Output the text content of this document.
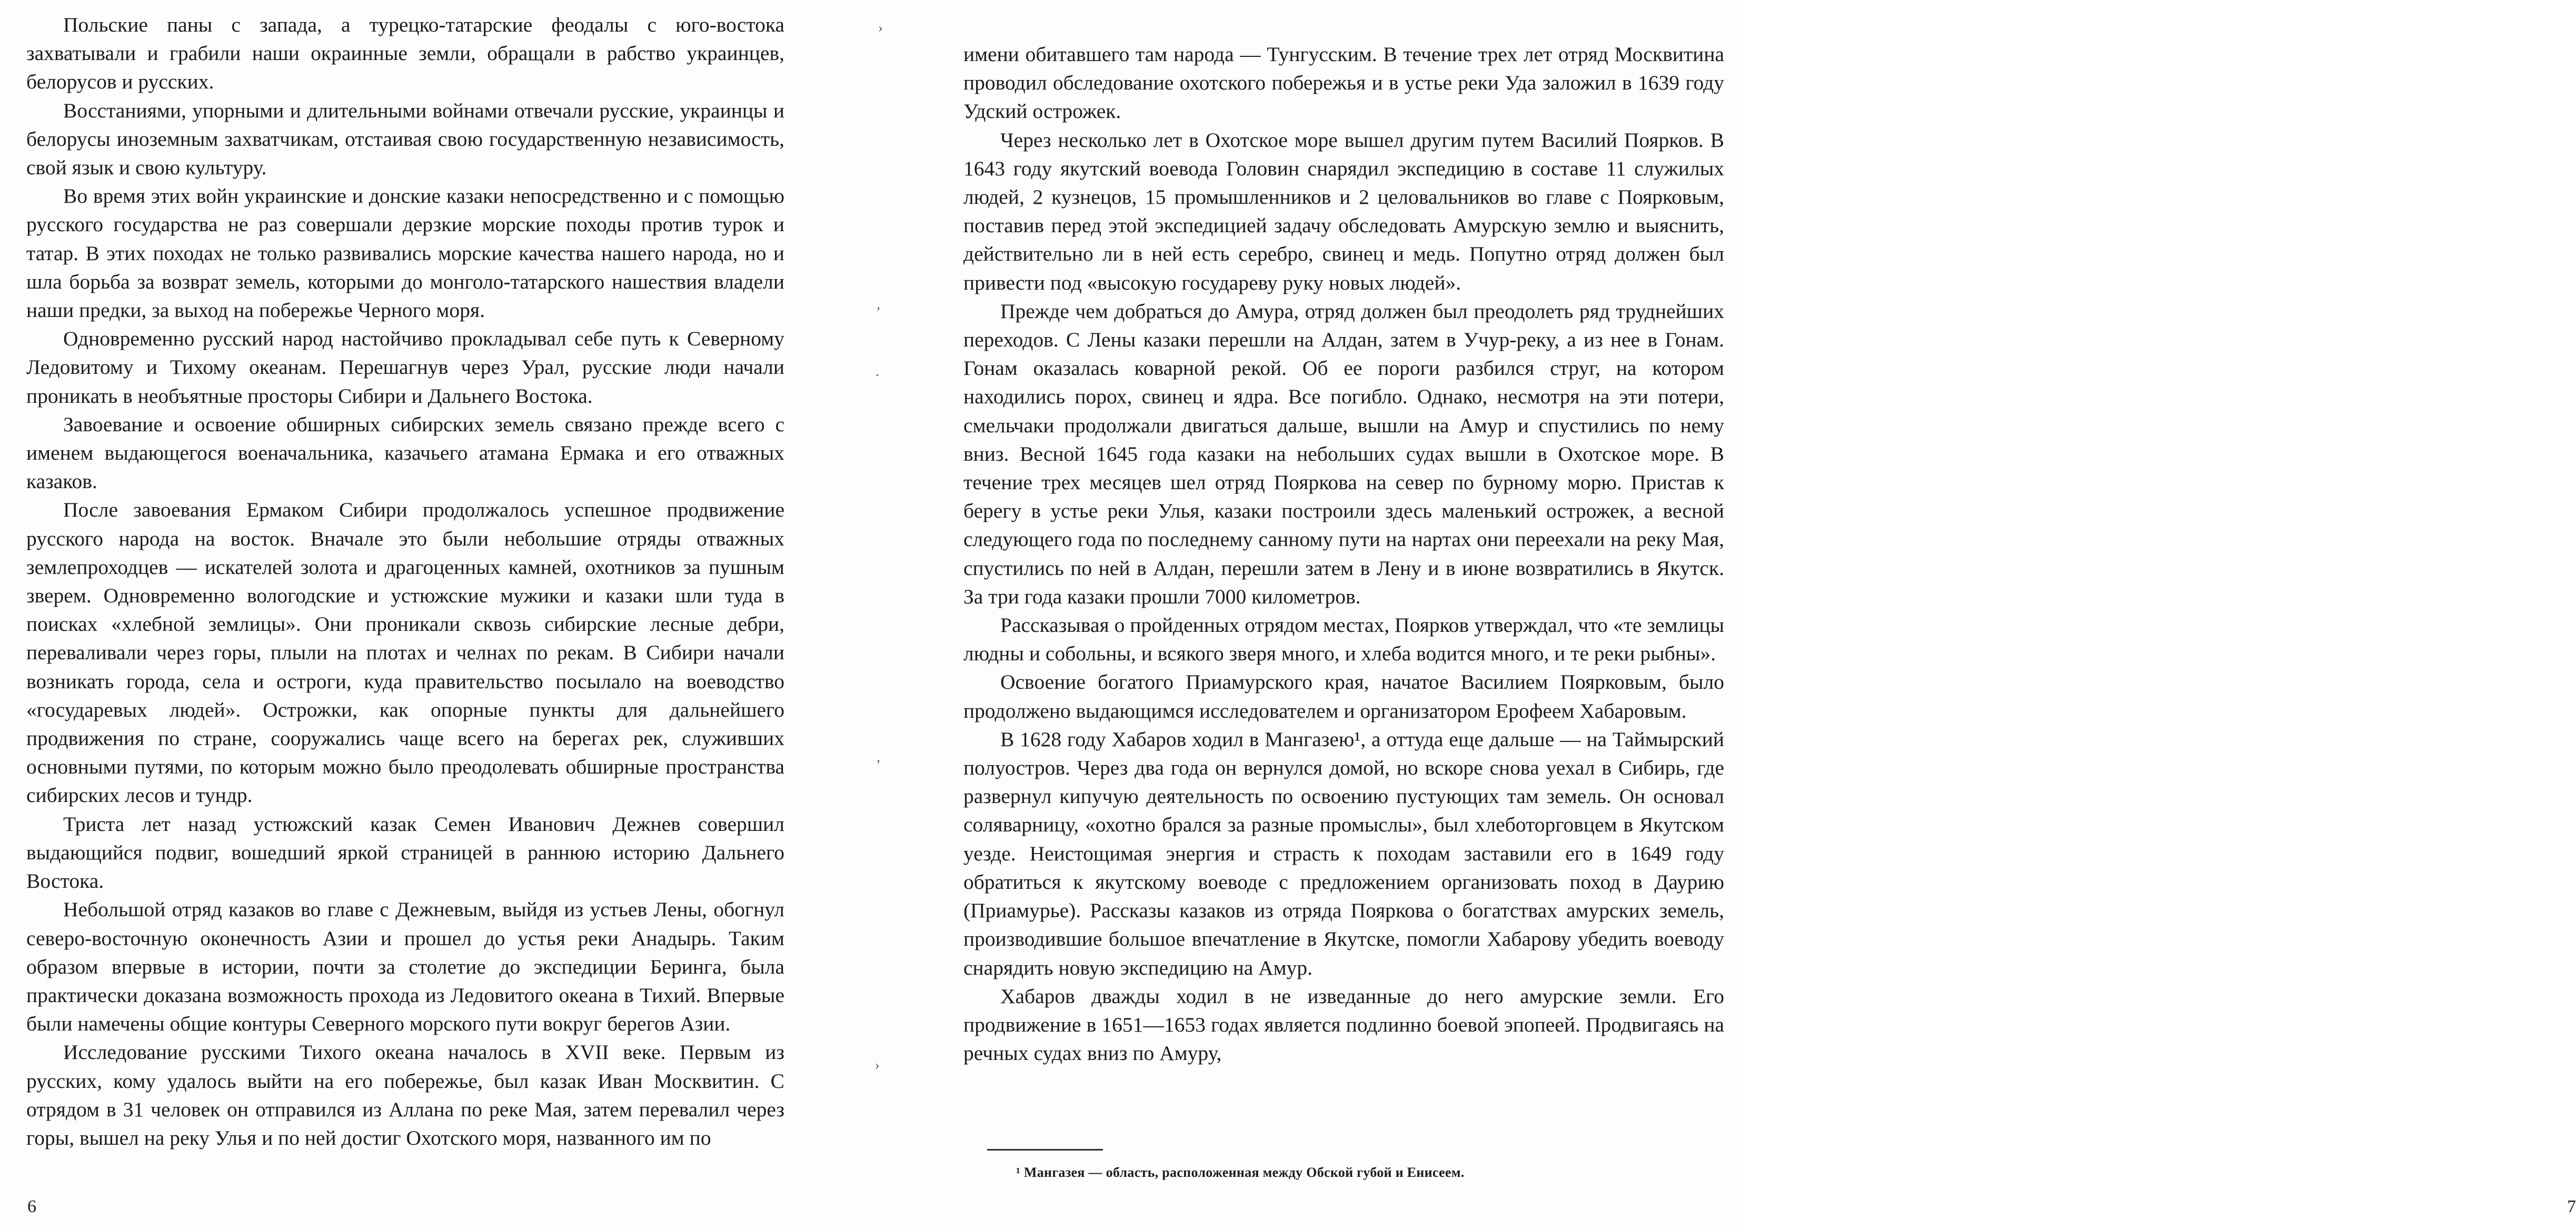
Польские паны с запада, а турецко-татарские феодалы с юго-востока захватывали и грабили наши окраинные земли, обращали в рабство украинцев, белорусов и русских.

Восстаниями, упорными и длительными войнами отвечали русские, украинцы и белорусы иноземным захватчикам, отстаивая свою государственную независимость, свой язык и свою культуру.

Во время этих войн украинские и донские казаки непосредственно и с помощью русского государства не раз совершали дерзкие морские походы против турок и татар. В этих походах не только развивались морские качества нашего народа, но и шла борьба за возврат земель, которыми до монголо-татарского нашествия владели наши предки, за выход на побережье Черного моря.

Одновременно русский народ настойчиво прокладывал себе путь к Северному Ледовитому и Тихому океанам. Перешагнув через Урал, русские люди начали проникать в необъятные просторы Сибири и Дальнего Востока.

Завоевание и освоение обширных сибирских земель связано прежде всего с именем выдающегося военачальника, казачьего атамана Ермака и его отважных казаков.

После завоевания Ермаком Сибири продолжалось успешное продвижение русского народа на восток. Вначале это были небольшие отряды отважных землепроходцев — искателей золота и драгоценных камней, охотников за пушным зверем. Одновременно вологодские и устюжские мужики и казаки шли туда в поисках «хлебной землицы». Они проникали сквозь сибирские лесные дебри, переваливали через горы, плыли на плотах и челнах по рекам. В Сибири начали возникать города, села и остроги, куда правительство посылало на воеводство «государевых людей». Острожки, как опорные пункты для дальнейшего продвижения по стране, сооружались чаще всего на берегах рек, служивших основными путями, по которым можно было преодолевать обширные пространства сибирских лесов и тундр.

Триста лет назад устюжский казак Семен Иванович Дежнев совершил выдающийся подвиг, вошедший яркой страницей в раннюю историю Дальнего Востока.

Небольшой отряд казаков во главе с Дежневым, выйдя из устьев Лены, обогнул северо-восточную оконечность Азии и прошел до устья реки Анадырь. Таким образом впервые в истории, почти за столетие до экспедиции Беринга, была практически доказана возможность прохода из Ледовитого океана в Тихий. Впервые были намечены общие контуры Северного морского пути вокруг берегов Азии.

Исследование русскими Тихого океана началось в XVII веке. Первым из русских, кому удалось выйти на его побережье, был казак Иван Москвитин. С отрядом в 31 человек он отправился из Аллана по реке Мая, затем перевалил через горы, вышел на реку Улья и по ней достиг Охотского моря, названного им по

6

имени обитавшего там народа — Тунгусским. В течение трех лет отряд Москвитина проводил обследование охотского побережья и в устье реки Уда заложил в 1639 году Удский острожек.

Через несколько лет в Охотское море вышел другим путем Василий Поярков. В 1643 году якутский воевода Головин снарядил экспедицию в составе 11 служилых людей, 2 кузнецов, 15 промышленников и 2 целовальников во главе с Поярковым, поставив перед этой экспедицией задачу обследовать Амурскую землю и выяснить, действительно ли в ней есть серебро, свинец и медь. Попутно отряд должен был привести под «высокую государеву руку новых людей».

Прежде чем добраться до Амура, отряд должен был преодолеть ряд труднейших переходов. С Лены казаки перешли на Алдан, затем в Учур-реку, а из нее в Гонам. Гонам оказалась коварной рекой. Об ее пороги разбился струг, на котором находились порох, свинец и ядра. Все погибло. Однако, несмотря на эти потери, смельчаки продолжали двигаться дальше, вышли на Амур и спустились по нему вниз. Весной 1645 года казаки на небольших судах вышли в Охотское море. В течение трех месяцев шел отряд Пояркова на север по бурному морю. Пристав к берегу в устье реки Улья, казаки построили здесь маленький острожек, а весной следующего года по последнему санному пути на нартах они переехали на реку Мая, спустились по ней в Алдан, перешли затем в Лену и в июне возвратились в Якутск. За три года казаки прошли 7000 километров.

Рассказывая о пройденных отрядом местах, Поярков утверждал, что «те землицы людны и собольны, и всякого зверя много, и хлеба водится много, и те реки рыбны».

Освоение богатого Приамурского края, начатое Василием Поярковым, было продолжено выдающимся исследователем и организатором Ерофеем Хабаровым.

В 1628 году Хабаров ходил в Мангазею¹, а оттуда еще дальше — на Таймырский полуостров. Через два года он вернулся домой, но вскоре снова уехал в Сибирь, где развернул кипучую деятельность по освоению пустующих там земель. Он основал соляварницу, «охотно брался за разные промыслы», был хлеботорговцем в Якутском уезде. Неистощимая энергия и страсть к походам заставили его в 1649 году обратиться к якутскому воеводе с предложением организовать поход в Даурию (Приамурье). Рассказы казаков из отряда Пояркова о богатствах амурских земель, производившие большое впечатление в Якутске, помогли Хабарову убедить воеводу снарядить новую экспедицию на Амур.

Хабаров дважды ходил в не изведанные до него амурские земли. Его продвижение в 1651—1653 годах является подлинно боевой эпопеей. Продвигаясь на речных судах вниз по Амуру,

7
¹ Мангазея — область, расположенная между Обской губой и Енисеем.
›
ʼ
·
ʼ
›
